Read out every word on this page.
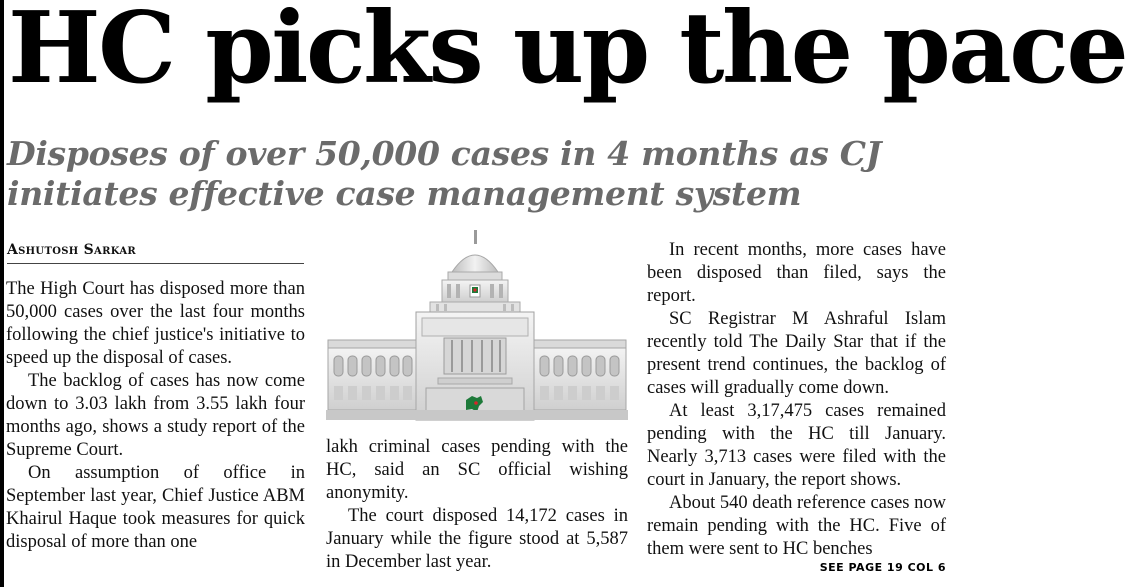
HC picks up the pace
Disposes of over 50,000 cases in 4 months as CJ initiates effective case management system
Ashutosh Sarkar

The High Court has disposed more than 50,000 cases over the last four months following the chief justice's initiative to speed up the disposal of cases.

The backlog of cases has now come down to 3.03 lakh from 3.55 lakh four months ago, shows a study report of the Supreme Court.

On assumption of office in September last year, Chief Justice ABM Khairul Haque took measures for quick disposal of more than one

lakh criminal cases pending with the HC, said an SC official wishing anonymity.

The court disposed 14,172 cases in January while the figure stood at 5,587 in December last year.

In recent months, more cases have been disposed than filed, says the report.

SC Registrar M Ashraful Islam recently told The Daily Star that if the present trend continues, the backlog of cases will gradually come down.

At least 3,17,475 cases remained pending with the HC till January. Nearly 3,713 cases were filed with the court in January, the report shows.

About 540 death reference cases now remain pending with the HC. Five of them were sent to HC benches

SEE PAGE 19 COL 6
